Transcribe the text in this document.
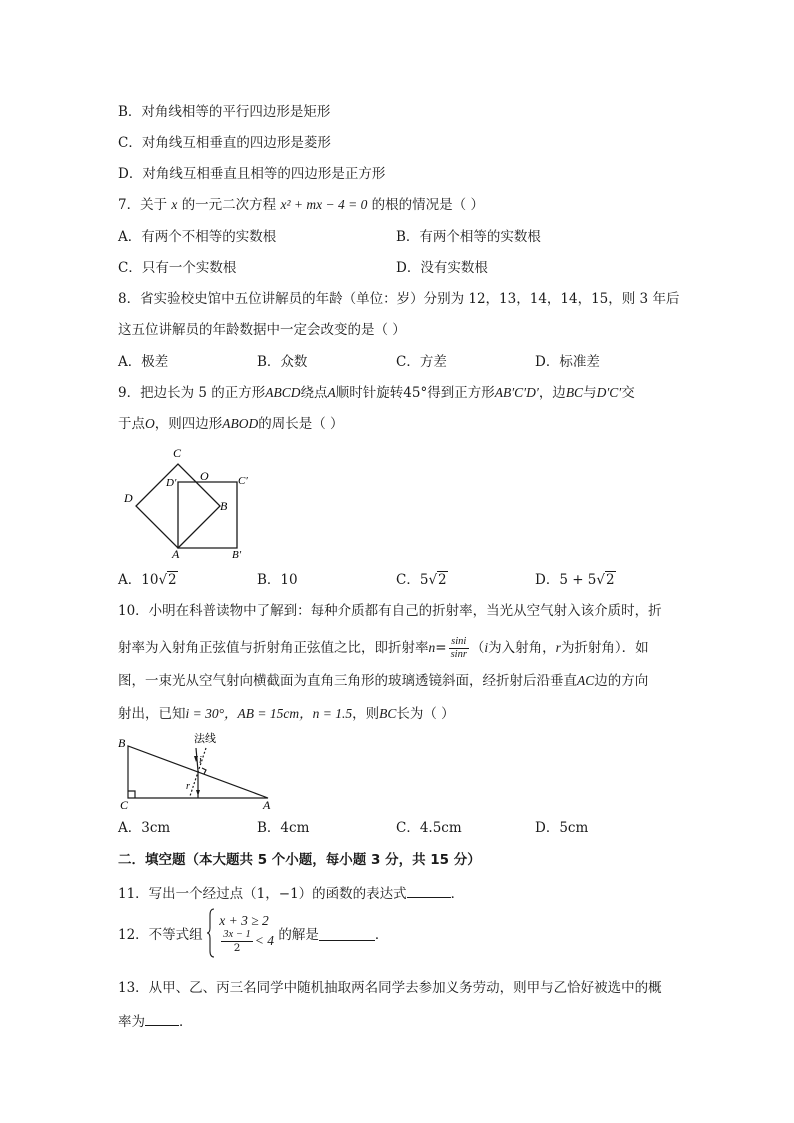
B．对角线相等的平行四边形是矩形
C．对角线互相垂直的四边形是菱形
D．对角线互相垂直且相等的四边形是正方形
7．关于 x 的一元二次方程 x² + mx − 4 = 0 的根的情况是（ ）
A．有两个不相等的实数根	B．有两个相等的实数根
C．只有一个实数根	D．没有实数根
8．省实验校史馆中五位讲解员的年龄（单位：岁）分别为 12，13，14，14，15，则 3 年后
这五位讲解员的年龄数据中一定会改变的是（ ）
A．极差	B．众数	C．方差	D．标准差
9．把边长为 5 的正方形ABCD绕点A顺时针旋转45°得到正方形AB′C′D′，边BC与D′C′交
于点O，则四边形ABOD的周长是（ ）
C
O	C′
D
D′
B
A	B′
A．10√2	B．10	C．5√2	D．5 + 5√2
10．小明在科普读物中了解到：每种介质都有自己的折射率，当光从空气射入该介质时，折
射率为入射角正弦值与折射角正弦值之比，即折射率$n= \frac{\sin i}{\sin r} (i$为入射角，r为折射角）．如
图，一束光从空气射向横截面为直角三角形的玻璃透镜斜面，经折射后沿垂直AC边的方向
射出，已知i = 30°，AB = 15cm，n = 1.5，则BC长为（ ）
B
C	A
法线
i
r
A．3cm	B．4cm	C．4.5cm	D．5cm
二．填空题（本大题共 5 个小题，每小题 3 分，共 15 分）
11．写出一个经过点（1，−1）的函数的表达式	．
12．不等式组
x + 3 ≥ 2
$\frac{3x - 1}{2} < 4$ 的解是	．
13．从甲、乙、丙三名同学中随机抽取两名同学去参加义务劳动，则甲与乙恰好被选中的概
率为	．
